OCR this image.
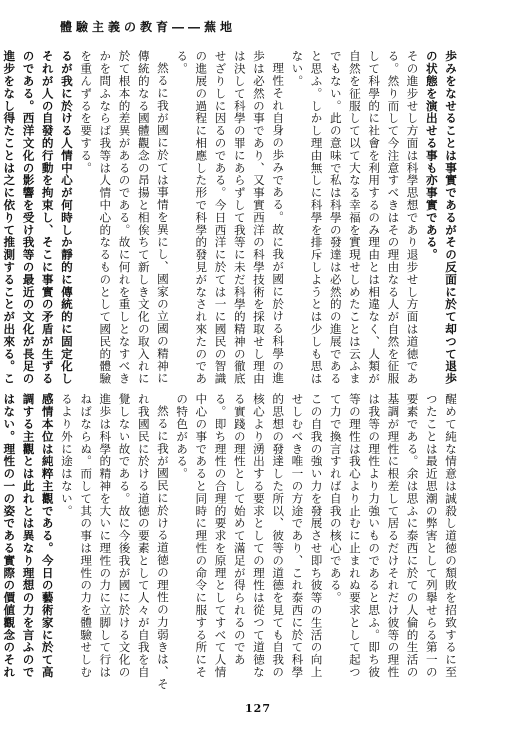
體驗主義の教育――蕪地

歩みをなせることは事實であるがその反面に於て却つて退歩の状態を演出せる事も亦事實である。

その進步せし方面は科學思想であり退步せし方面は道徳である。然り而して今注意すべきはその理由なる人が自然を征服して科學的に社會を利用するのみ理由とは相違なく、人類が自然を征服して以て大なる幸福を實現せしめたことは云ふまでもない。此の意味で私は科學の發達は必然的の進展であると思ふ。しかし理由無しに科學を排斥しようとは少しも思はない。

理性それ自身の歩みである。故に我が國に於ける科學の進歩は必然の事であり、又事實西洋の科學技術を採取せし理由は決して科學の罪にあらずして我等に未だ科學的精神の徹底せざりしに因るのである。今日西洋に於ては一に國民の智識の進展の過程に相應した形で科學的發見がなされ來たのである。

然るに我が國に於ては事情を異にし、國家の立國の精神に傳統的なる國體觀念の昂揚と相俟ちて新しき文化の取入れに於て根本的差異があるのである。故に何れを重しとなすべきかを問ふならば我等は人情中心的なるものとして國民的體驗を重んずるを要する。

るが我に於ける人情中心が何時しか靜的に傳統的に固定化しそれが人の自發的行動を拘束し、そこに事實の矛盾が生ずるのである。西洋文化の影響を受け我等の最近の文化が長足の進步をなし得たことは之に依りて推測することが出來る。こ

醒めて純な情意は誠殺し道徳の頽敗を招致するに至つたことは最近思潮の弊害として列擧せらる第一の要素である。余は思ふに泰西に於ての人倫的生活の基調が理性に根差して居るだけそれだけ彼等の理性は我等の理性より力強いものであると思ふ。即ち彼等の理性は我心より止むに止まれぬ要求として起つて力で換言すれば自我の核心である。

この自我の強い力を發展させ即ち彼等の生活の向上せしむべき唯一の方途であり、これ泰西に於て科學的思想の發達した所以、彼等の道德を見ても自我の核心より湧出する要求としての理性は從つて道徳なる實踐の理性として始めて滿足が得られるのである。即ち理性の合理的要求を原理としてすべて人情中心の事であると同時に理性の命令に服する所にその特色がある。

然るに我が國民に於ける道徳の理性の力弱きは、それ我國民に於ける道徳の要素として人々が自我を自覺しない故である。故に今後我が國に於ける文化の進歩は科學的精神を大いに理性の力に立脚して行はねばならぬ。而して其の事は理性の力を體驗せしむるより外に途はない。

感情本位は純粹主觀である。今日の藝術家に於て高調する主觀とは此れとは異なり理想の力を言ふのではない。理性の一の姿である實際の價値觀念のそれ

127
